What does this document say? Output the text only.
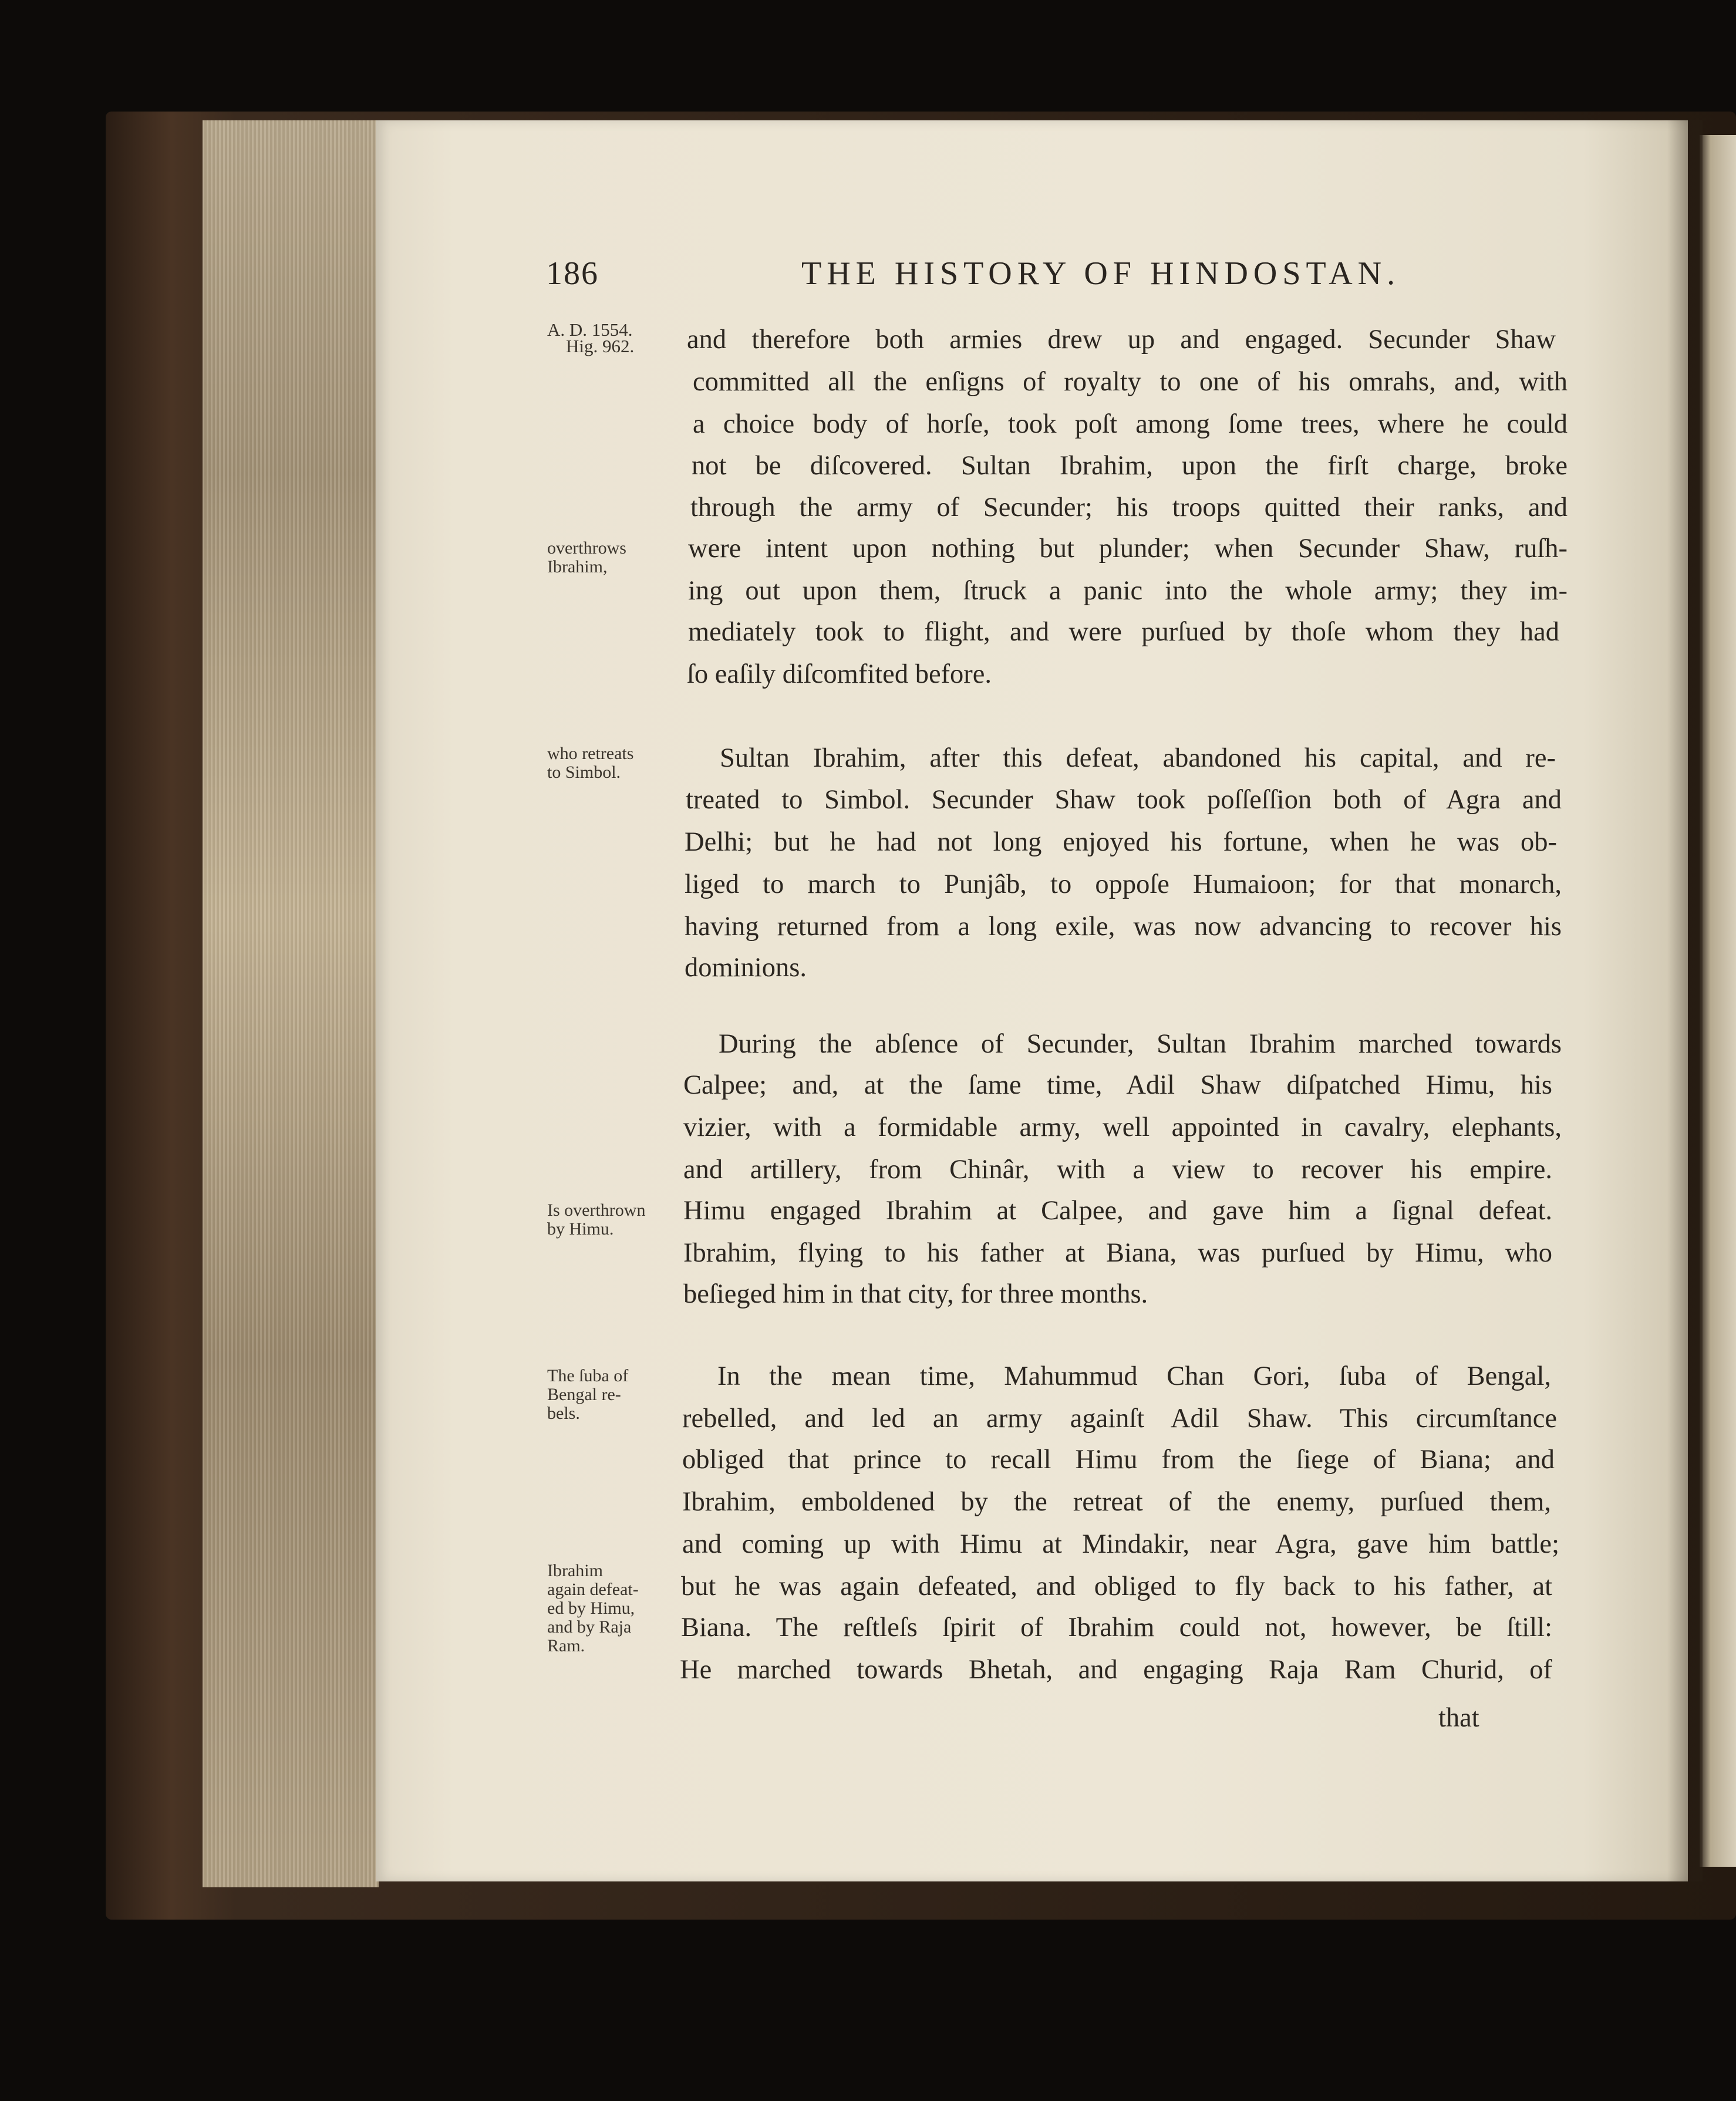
186	THE HISTORY OF HINDOSTAN.
A. D. 1554.
Hig. 962.
overthrows
Ibrahim,
who retreats
to Simbol.
Is overthrown
by Himu.
The ſuba of
Bengal re-
bels.
Ibrahim
again defeat-
ed by Himu,
and by Raja
Ram.
and therefore both armies drew up and engaged. Secunder Shaw
committed all the enſigns of royalty to one of his omrahs, and, with
a choice body of horſe, took poſt among ſome trees, where he could
not be diſcovered. Sultan Ibrahim, upon the firſt charge, broke
through the army of Secunder; his troops quitted their ranks, and
were intent upon nothing but plunder; when Secunder Shaw, ruſh-
ing out upon them, ſtruck a panic into the whole army; they im-
mediately took to flight, and were purſued by thoſe whom they had
ſo eaſily diſcomfited before.
Sultan Ibrahim, after this defeat, abandoned his capital, and re-
treated to Simbol. Secunder Shaw took poſſeſſion both of Agra and
Delhi; but he had not long enjoyed his fortune, when he was ob-
liged to march to Punjâb, to oppoſe Humaioon; for that monarch,
having returned from a long exile, was now advancing to recover his
dominions.
During the abſence of Secunder, Sultan Ibrahim marched towards
Calpee; and, at the ſame time, Adil Shaw diſpatched Himu, his
vizier, with a formidable army, well appointed in cavalry, elephants,
and artillery, from Chinâr, with a view to recover his empire.
Himu engaged Ibrahim at Calpee, and gave him a ſignal defeat.
Ibrahim, flying to his father at Biana, was purſued by Himu, who
beſieged him in that city, for three months.
In the mean time, Mahummud Chan Gori, ſuba of Bengal,
rebelled, and led an army againſt Adil Shaw. This circumſtance
obliged that prince to recall Himu from the ſiege of Biana; and
Ibrahim, emboldened by the retreat of the enemy, purſued them,
and coming up with Himu at Mindakir, near Agra, gave him battle;
but he was again defeated, and obliged to fly back to his father, at
Biana. The reſtleſs ſpirit of Ibrahim could not, however, be ſtill:
He marched towards Bhetah, and engaging Raja Ram Churid, of
that
